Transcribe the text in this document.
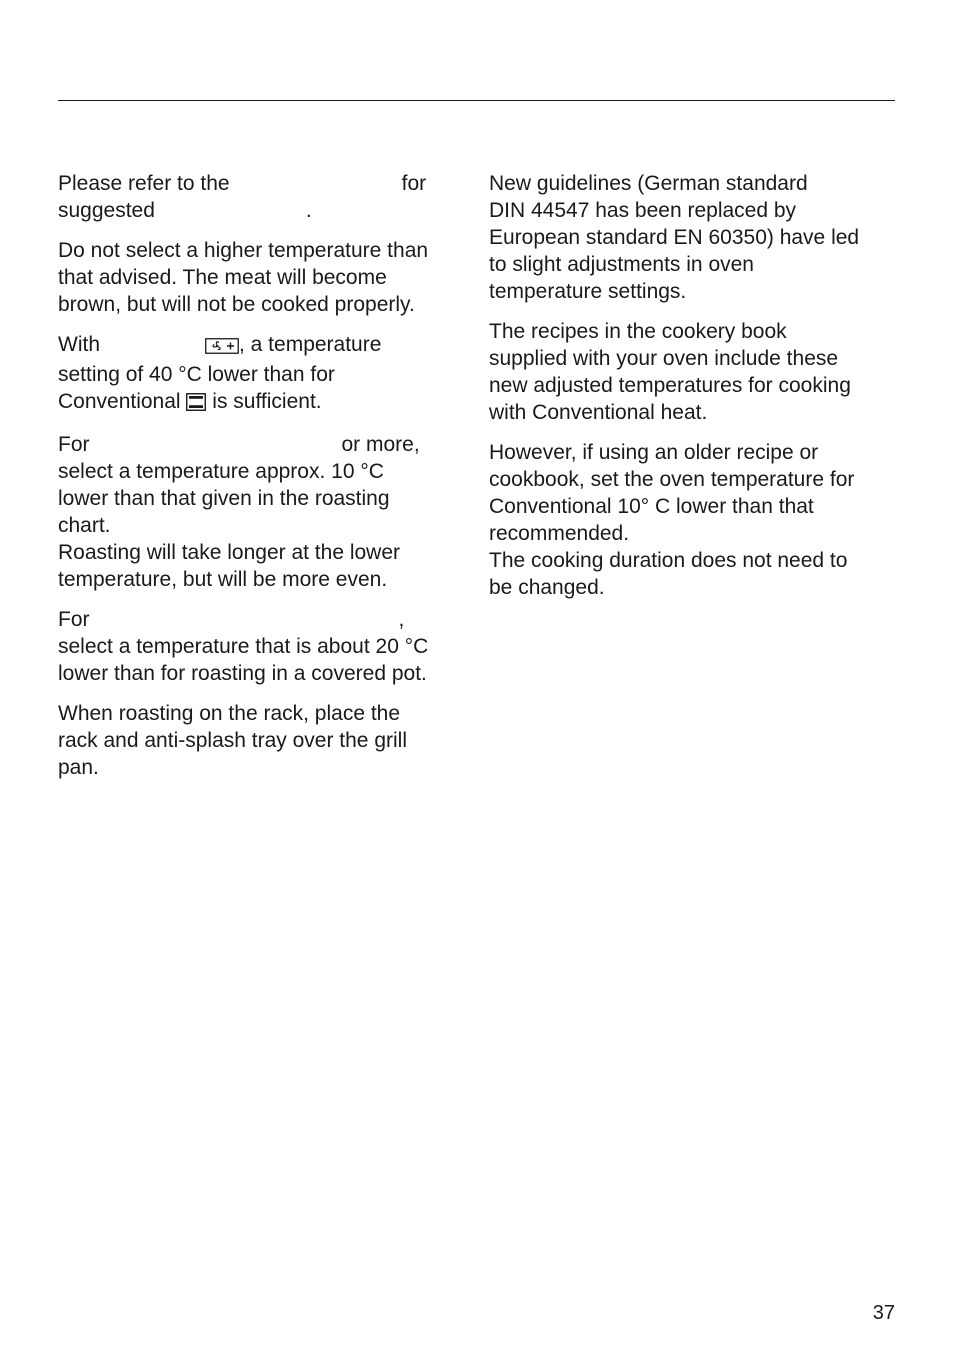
Please refer to the	for
suggested	.

Do not select a higher temperature than
that advised. The meat will become
brown, but will not be cooked properly.

With	, a temperature
setting of 40 °C lower than for
Conventional is sufficient.

For	or more,
select a temperature approx. 10 °C
lower than that given in the roasting
chart.
Roasting will take longer at the lower
temperature, but will be more even.

For	,
select a temperature that is about 20 °C
lower than for roasting in a covered pot.

When roasting on the rack, place the
rack and anti-splash tray over the grill
pan.

New guidelines (German standard
DIN 44547 has been replaced by
European standard EN 60350) have led
to slight adjustments in oven
temperature settings.

The recipes in the cookery book
supplied with your oven include these
new adjusted temperatures for cooking
with Conventional heat.

However, if using an older recipe or
cookbook, set the oven temperature for
Conventional 10° C lower than that
recommended.
The cooking duration does not need to
be changed.

37
